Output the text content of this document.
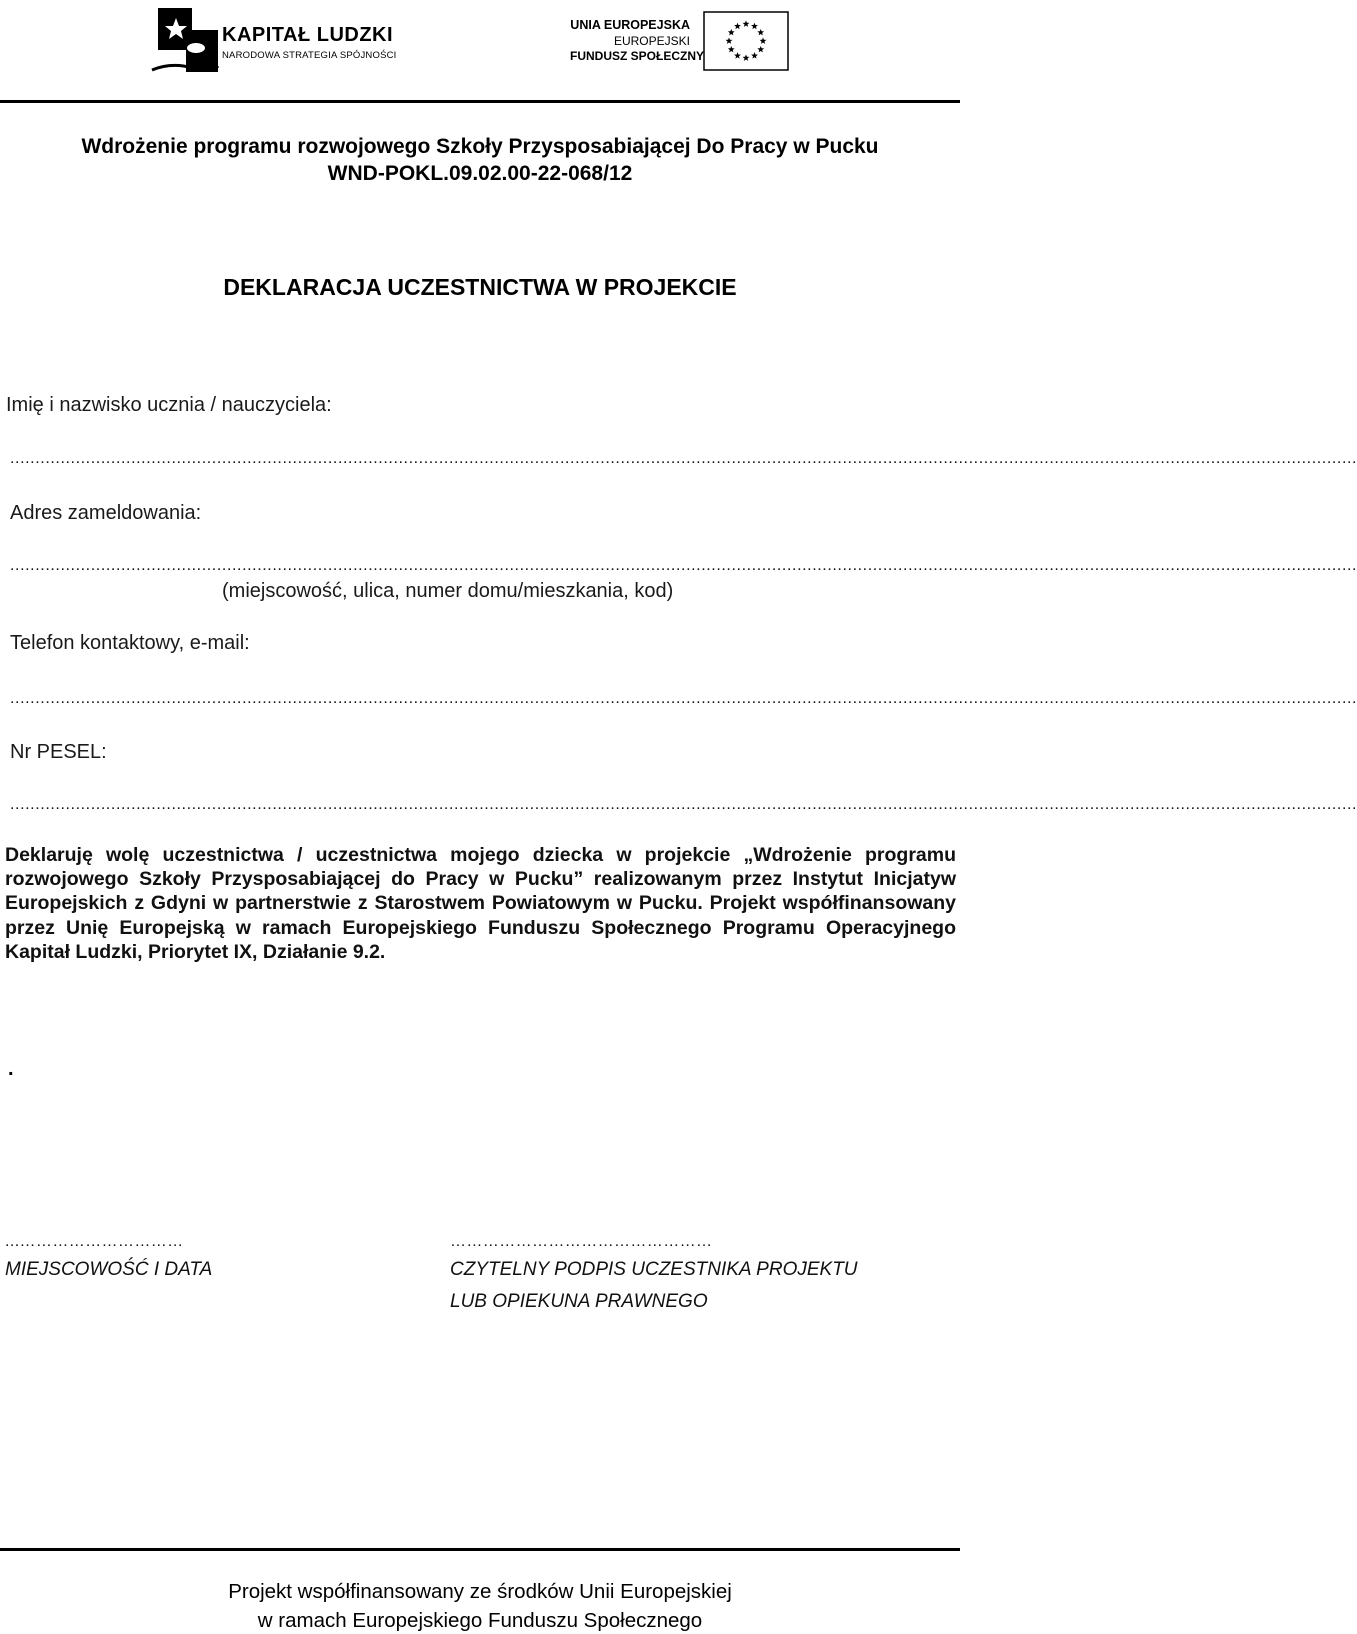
KAPITAŁ LUDZKI
NARODOWA STRATEGIA SPÓJNOŚCI
UNIA EUROPEJSKA
EUROPEJSKI
FUNDUSZ SPOŁECZNY
Wdrożenie programu rozwojowego Szkoły Przysposabiającej Do Pracy w Pucku
WND-POKL.09.02.00-22-068/12
DEKLARACJA UCZESTNICTWA W PROJEKCIE
Imię i nazwisko ucznia / nauczyciela:
...........................................................................................................................................................................................................................................................................
Adres zameldowania:
...........................................................................................................................................................................................................................................................................
(miejscowość, ulica, numer domu/mieszkania, kod)
Telefon kontaktowy, e-mail:
...........................................................................................................................................................................................................................................................................
Nr PESEL:
...........................................................................................................................................................................................................................................................................
Deklaruję wolę uczestnictwa / uczestnictwa mojego dziecka w projekcie „Wdrożenie programu rozwojowego Szkoły Przysposabiającej do Pracy w Pucku” realizowanym przez Instytut Inicjatyw Europejskich z Gdyni w partnerstwie z Starostwem Powiatowym w Pucku. Projekt współfinansowany przez Unię Europejską w ramach Europejskiego Funduszu Społecznego Programu Operacyjnego Kapitał Ludzki, Priorytet IX, Działanie 9.2.
.
...…………………………	…………………………………………
MIEJSCOWOŚĆ I DATA	CZYTELNY PODPIS UCZESTNIKA PROJEKTU
LUB OPIEKUNA PRAWNEGO
Projekt współfinansowany ze środków Unii Europejskiej
w ramach Europejskiego Funduszu Społecznego
